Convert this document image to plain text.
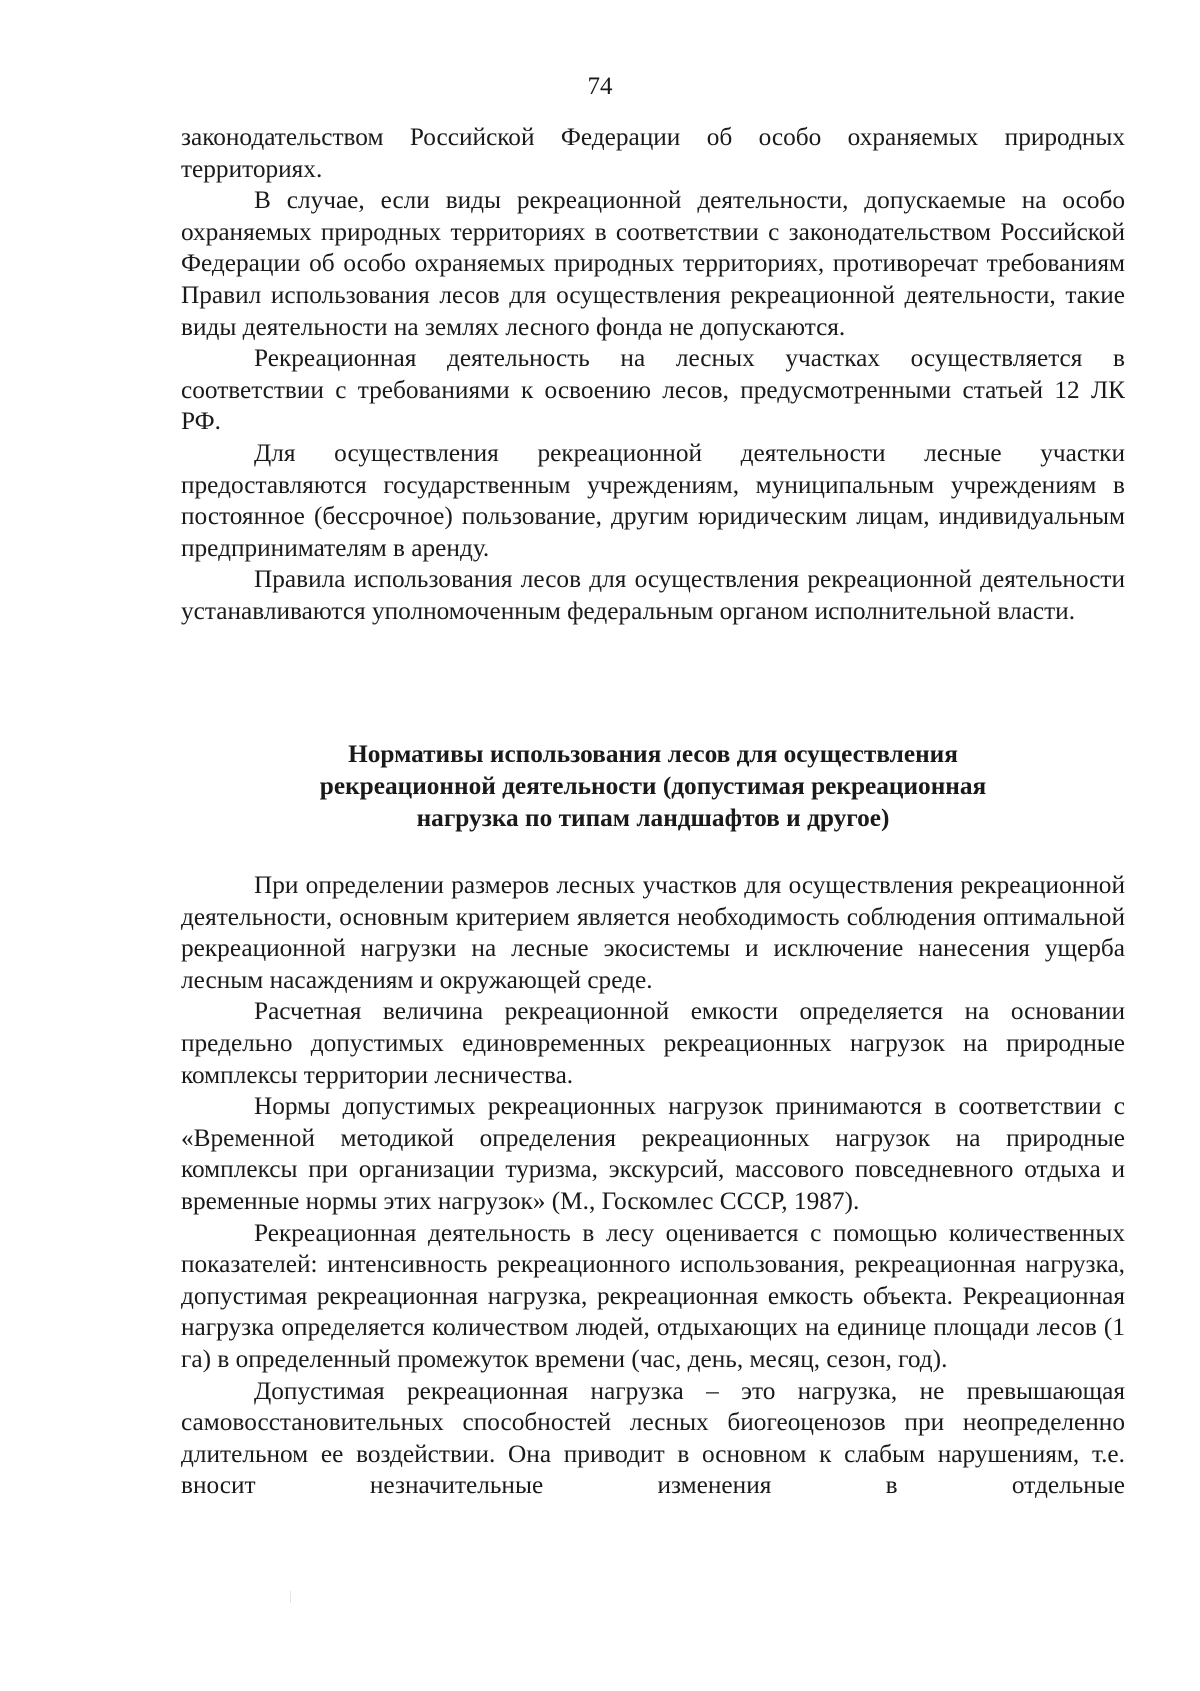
74

законодательством Российской Федерации об особо охраняемых природных территориях.

В случае, если виды рекреационной деятельности, допускаемые на особо охраняемых природных территориях в соответствии с законодательством Российской Федерации об особо охраняемых природных территориях, противоречат требованиям Правил использования лесов для осуществления рекреационной деятельности, такие виды деятельности на землях лесного фонда не допускаются.

Рекреационная деятельность на лесных участках осуществляется в соответствии с требованиями к освоению лесов, предусмотренными статьей 12 ЛК РФ.

Для осуществления рекреационной деятельности лесные участки предоставляются государственным учреждениям, муниципальным учреждениям в постоянное (бессрочное) пользование, другим юридическим лицам, индивидуальным предпринимателям в аренду.

Правила использования лесов для осуществления рекреационной деятельности устанавливаются уполномоченным федеральным органом исполнительной власти.

Нормативы использования лесов для осуществления
рекреационной деятельности (допустимая рекреационная
нагрузка по типам ландшафтов и другое)

При определении размеров лесных участков для осуществления рекреационной деятельности, основным критерием является необходимость соблюдения оптимальной рекреационной нагрузки на лесные экосистемы и исключение нанесения ущерба лесным насаждениям и окружающей среде.

Расчетная величина рекреационной емкости определяется на основании предельно допустимых единовременных рекреационных нагрузок на природные комплексы территории лесничества.

Нормы допустимых рекреационных нагрузок принимаются в соответствии с «Временной методикой определения рекреационных нагрузок на природные комплексы при организации туризма, экскурсий, массового повседневного отдыха и временные нормы этих нагрузок» (М., Госкомлес СССР, 1987).

Рекреационная деятельность в лесу оценивается с помощью количественных показателей: интенсивность рекреационного использования, рекреационная нагрузка, допустимая рекреационная нагрузка, рекреационная емкость объекта. Рекреационная нагрузка определяется количеством людей, отдыхающих на единице площади лесов (1 га) в определенный промежуток времени (час, день, месяц, сезон, год).

Допустимая рекреационная нагрузка – это нагрузка, не превышающая самовосстановительных способностей лесных биогеоценозов при неопределенно длительном ее воздействии. Она приводит в основном к слабым нарушениям, т.е. вносит незначительные изменения в отдельные
